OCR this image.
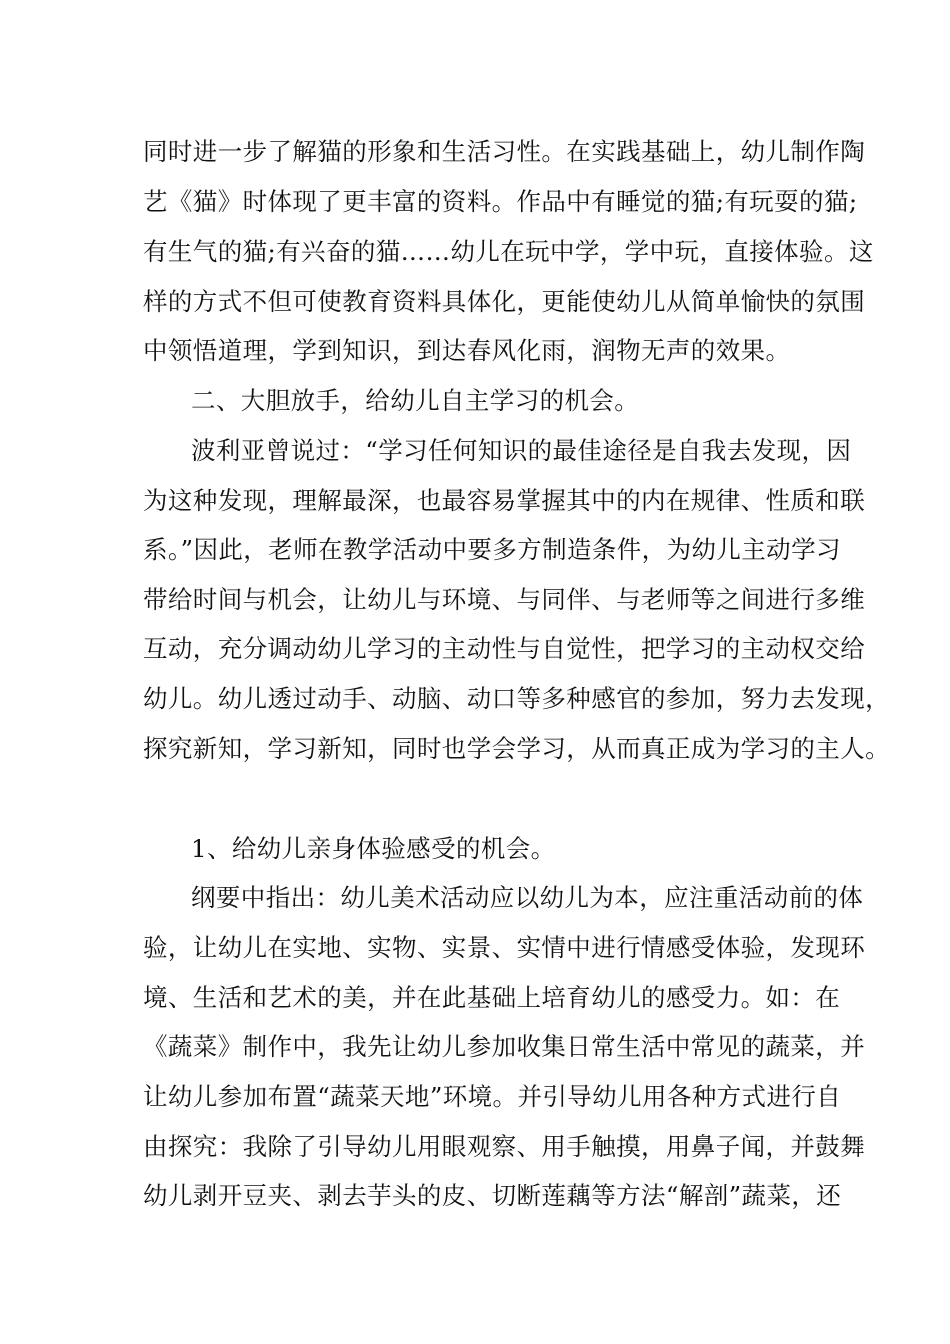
同时进一步了解猫的形象和生活习性。在实践基础上，幼儿制作陶
艺《猫》时体现了更丰富的资料。作品中有睡觉的猫;有玩耍的猫;
有生气的猫;有兴奋的猫……幼儿在玩中学，学中玩，直接体验。这
样的方式不但可使教育资料具体化，更能使幼儿从简单愉快的氛围
中领悟道理，学到知识，到达春风化雨，润物无声的效果。
二、大胆放手，给幼儿自主学习的机会。
波利亚曾说过：“学习任何知识的最佳途径是自我去发现，因
为这种发现，理解最深，也最容易掌握其中的内在规律、性质和联
系。”因此，老师在教学活动中要多方制造条件，为幼儿主动学习
带给时间与机会，让幼儿与环境、与同伴、与老师等之间进行多维
互动，充分调动幼儿学习的主动性与自觉性，把学习的主动权交给
幼儿。幼儿透过动手、动脑、动口等多种感官的参加，努力去发现，
探究新知，学习新知，同时也学会学习，从而真正成为学习的主人。
1、给幼儿亲身体验感受的机会。
纲要中指出：幼儿美术活动应以幼儿为本，应注重活动前的体
验，让幼儿在实地、实物、实景、实情中进行情感受体验，发现环
境、生活和艺术的美，并在此基础上培育幼儿的感受力。如：在
《蔬菜》制作中，我先让幼儿参加收集日常生活中常见的蔬菜，并
让幼儿参加布置“蔬菜天地”环境。并引导幼儿用各种方式进行自
由探究：我除了引导幼儿用眼观察、用手触摸，用鼻子闻，并鼓舞
幼儿剥开豆夹、剥去芋头的皮、切断莲藕等方法“解剖”蔬菜，还
